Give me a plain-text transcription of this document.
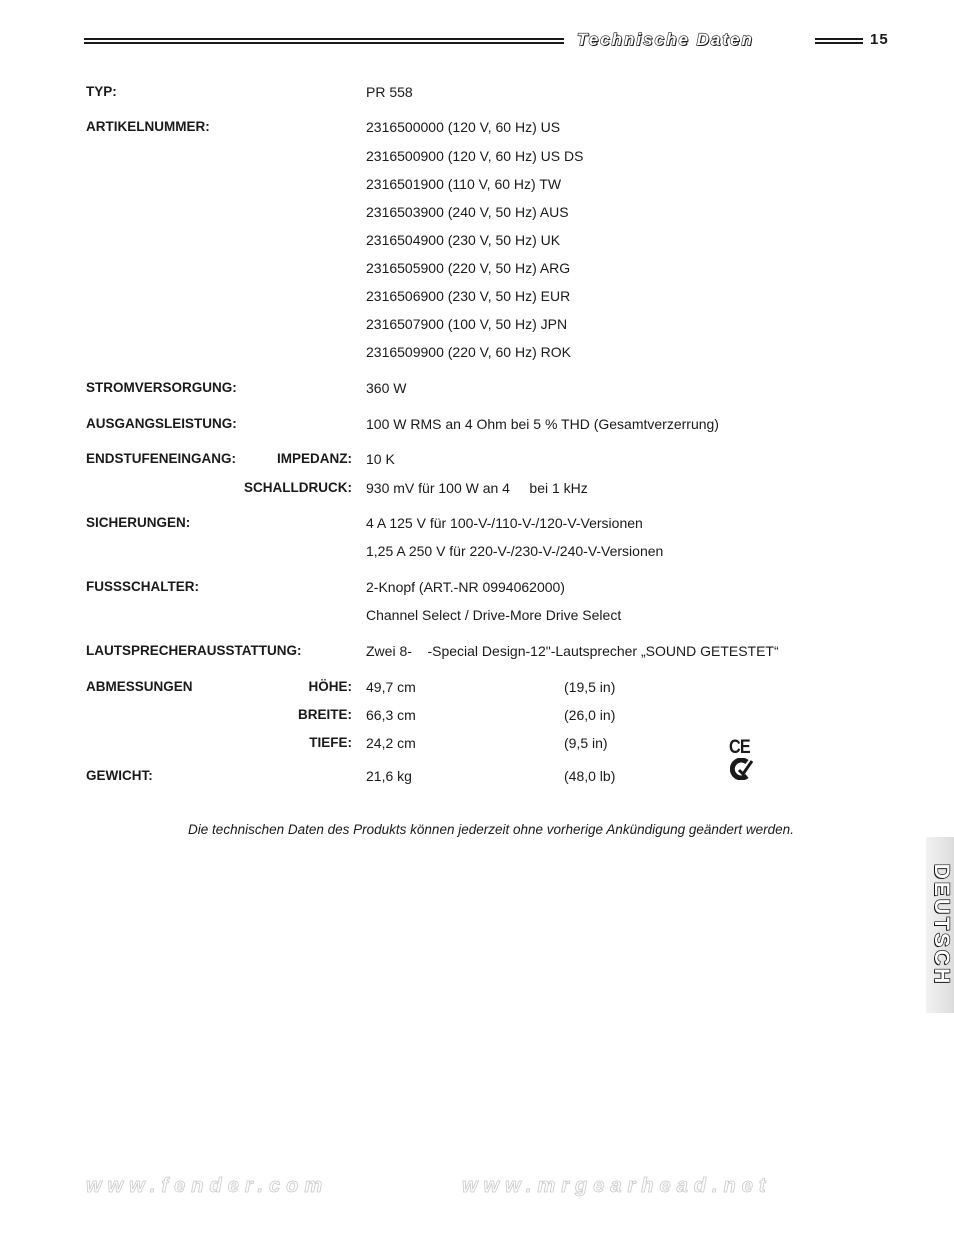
Technische Daten	15
TYP:	PR 558
ARTIKELNUMMER:	2316500000 (120 V, 60 Hz) US
2316500900 (120 V, 60 Hz) US DS
2316501900 (110 V, 60 Hz) TW
2316503900 (240 V, 50 Hz) AUS
2316504900 (230 V, 50 Hz) UK
2316505900 (220 V, 50 Hz) ARG
2316506900 (230 V, 50 Hz) EUR
2316507900 (100 V, 50 Hz) JPN
2316509900 (220 V, 60 Hz) ROK
STROMVERSORGUNG:	360 W
AUSGANGSLEISTUNG:	100 W RMS an 4 Ohm bei 5 % THD (Gesamtverzerrung)
ENDSTUFENEINGANG:	IMPEDANZ: 10 K
SCHALLDRUCK: 930 mV für 100 W an 4     bei 1 kHz
SICHERUNGEN:	4 A 125 V für 100-V-/110-V-/120-V-Versionen
1,25 A 250 V für 220-V-/230-V-/240-V-Versionen
FUSSSCHALTER:	2-Knopf (ART.-NR 0994062000)
Channel Select / Drive-More Drive Select
LAUTSPRECHERAUSSTATTUNG:	Zwei 8-    -Special Design-12"-Lautsprecher „SOUND GETESTET“
ABMESSUNGEN	HÖHE: 49,7 cm	(19,5 in)
BREITE: 66,3 cm	(26,0 in)
TIEFE: 24,2 cm	(9,5 in)
GEWICHT:	21,6 kg	(48,0 lb)
CE
Die technischen Daten des Produkts können jederzeit ohne vorherige Ankündigung geändert werden.
DEUTSCH
www.fender.com	www.mrgearhead.net
